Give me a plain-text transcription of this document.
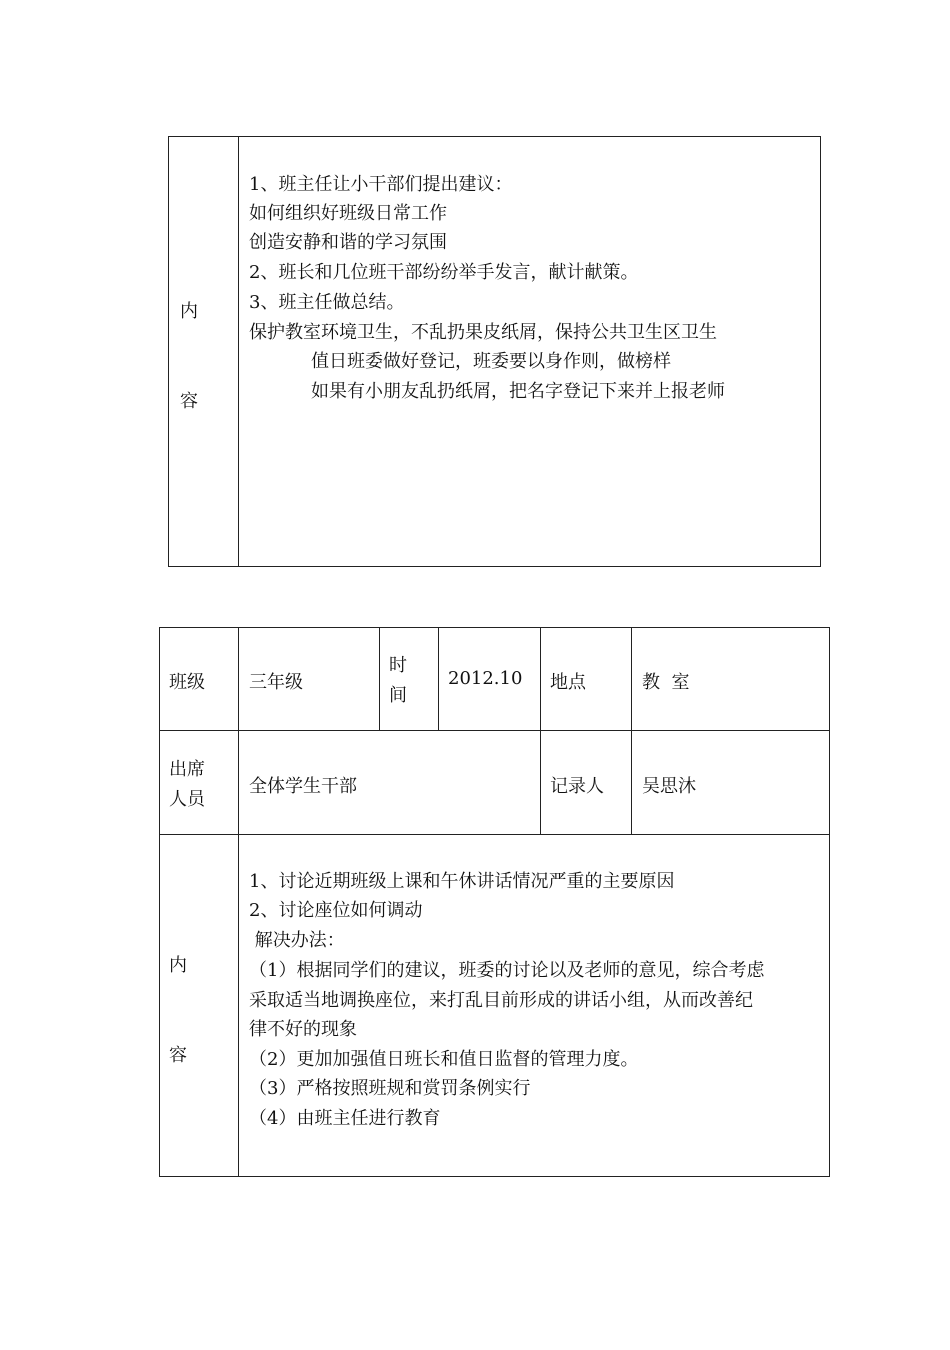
内
容
1、班主任让小干部们提出建议：
如何组织好班级日常工作
创造安静和谐的学习氛围
2、班长和几位班干部纷纷举手发言，献计献策。
3、班主任做总结。
保护教室环境卫生，不乱扔果皮纸屑，保持公共卫生区卫生
值日班委做好登记，班委要以身作则，做榜样
如果有小朋友乱扔纸屑，把名字登记下来并上报老师
班级 三年级
时
间
2012.10 地点	教  室
出席
人员
全体学生干部	记录人 吴思沐
内
容
1、讨论近期班级上课和午休讲话情况严重的主要原因
2、讨论座位如何调动
解决办法：
（1）根据同学们的建议，班委的讨论以及老师的意见，综合考虑
采取适当地调换座位，来打乱目前形成的讲话小组，从而改善纪
律不好的现象
（2）更加加强值日班长和值日监督的管理力度。
（3）严格按照班规和赏罚条例实行
（4）由班主任进行教育
